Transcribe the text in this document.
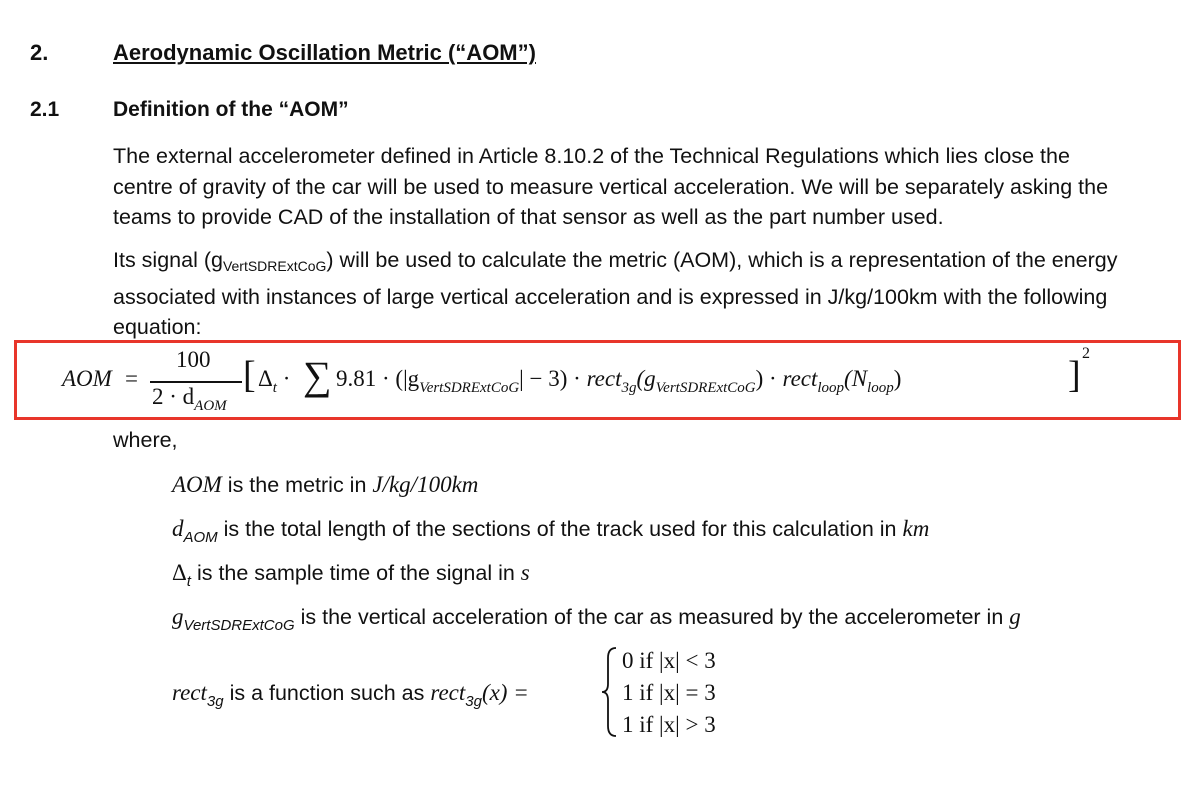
2.	Aerodynamic Oscillation Metric (“AOM”)
2.1	Definition of the “AOM”
The external accelerometer defined in Article 8.10.2 of the Technical Regulations which lies close the centre of gravity of the car will be used to measure vertical acceleration. We will be separately asking the teams to provide CAD of the installation of that sensor as well as the part number used.
Its signal (gVertSDRExtCoG) will be used to calculate the metric (AOM), which is a representation of the energy associated with instances of large vertical acceleration and is expressed in J/kg/100km with the following equation:
AOM =
100
$2 \cdot d_{AOM}$
[ $\Delta_t$ · ∑ $9.81 \cdot (|g_{VertSDRExtCoG}| - 3)$ · $rect_{3g}(g_{VertSDRExtCoG})$ · $rect_{loop}(N_{loop})$	]
2
where,
AOM is the metric in J/kg/100km
$d_{AOM}$ is the total length of the sections of the track used for this calculation in km
$\Delta_t$ is the sample time of the signal in s
$g_{VertSDRExtCoG}$ is the vertical acceleration of the car as measured by the accelerometer in g
rect$_{3g}$ is a function such as rect$_{3g}$(x) =
0 if |x| < 3
1 if |x| = 3
1 if |x| > 3
